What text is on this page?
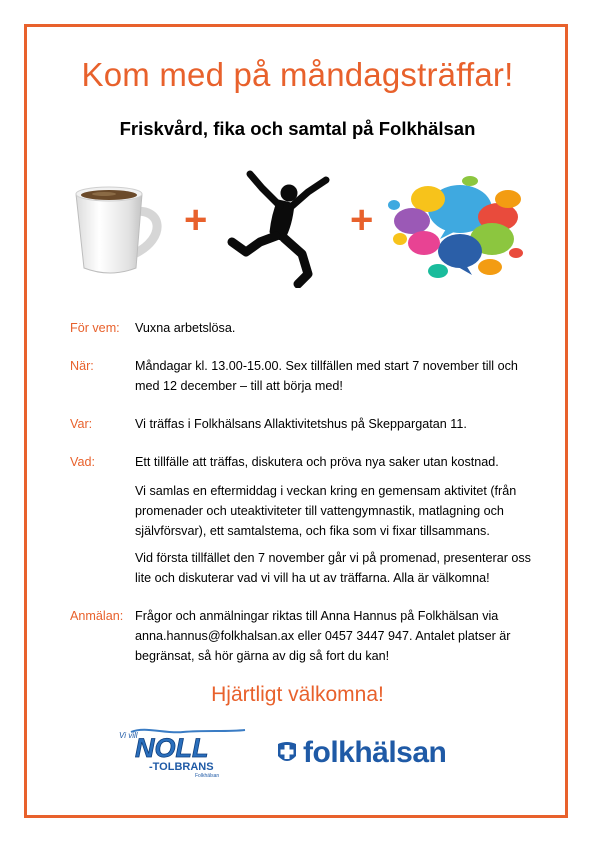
Kom med på måndagsträffar!
Friskvård, fika och samtal på Folkhälsan
+	+
För vem: Vuxna arbetslösa.
När:	Måndagar kl. 13.00-15.00. Sex tillfällen med start 7 november till och med 12 december – till att börja med!
Var:	Vi träffas i Folkhälsans Allaktivitetshus på Skeppargatan 11.
Vad:	Ett tillfälle att träffas, diskutera och pröva nya saker utan kostnad.
Vi samlas en eftermiddag i veckan kring en gemensam aktivitet (från promenader och uteaktiviteter till vattengymnastik, matlagning och självförsvar), ett samtalstema, och fika som vi fixar tillsammans.
Vid första tillfället den 7 november går vi på promenad, presenterar oss lite och diskuterar vad vi vill ha ut av träffarna. Alla är välkomna!
Anmälan: Frågor och anmälningar riktas till Anna Hannus på Folkhälsan via anna.hannus@folkhalsan.ax eller 0457 3447 947. Antalet platser är begränsat, så hör gärna av dig så fort du kan!
Hjärtligt välkomna!
Vi vill
NOLL
-TOLBRANS
Folkhälsan
folkhälsan
